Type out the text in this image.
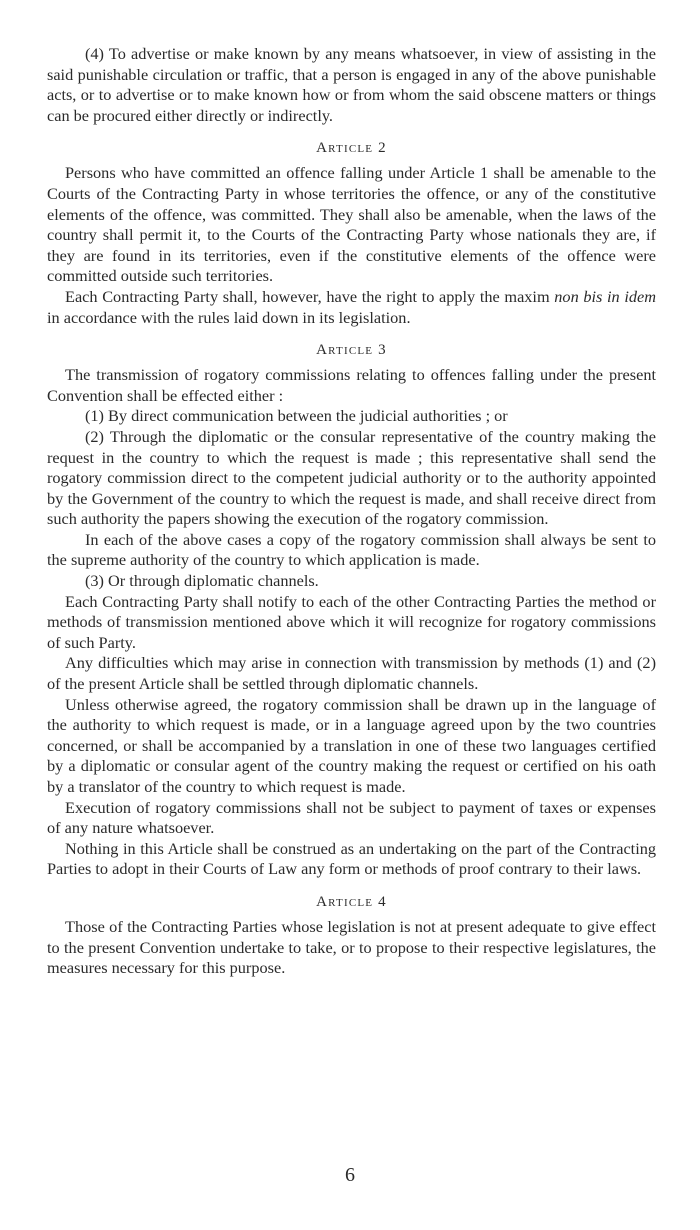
(4) To advertise or make known by any means whatsoever, in view of assisting in the said punishable circulation or traffic, that a person is engaged in any of the above punishable acts, or to advertise or to make known how or from whom the said obscene matters or things can be procured either directly or indirectly.

Article 2

Persons who have committed an offence falling under Article 1 shall be amenable to the Courts of the Contracting Party in whose territories the offence, or any of the constitutive elements of the offence, was committed. They shall also be amenable, when the laws of the country shall permit it, to the Courts of the Contracting Party whose nationals they are, if they are found in its territories, even if the constitutive elements of the offence were committed outside such territories.

Each Contracting Party shall, however, have the right to apply the maxim non bis in idem in accordance with the rules laid down in its legislation.

Article 3

The transmission of rogatory commissions relating to offences falling under the present Convention shall be effected either :

(1) By direct communication between the judicial authorities ; or

(2) Through the diplomatic or the consular representative of the country making the request in the country to which the request is made ; this representative shall send the rogatory commission direct to the competent judicial authority or to the authority appointed by the Government of the country to which the request is made, and shall receive direct from such authority the papers showing the execution of the rogatory commission.

In each of the above cases a copy of the rogatory commission shall always be sent to the supreme authority of the country to which application is made.

(3) Or through diplomatic channels.

Each Contracting Party shall notify to each of the other Contracting Parties the method or methods of transmission mentioned above which it will recognize for rogatory commissions of such Party.

Any difficulties which may arise in connection with transmission by methods (1) and (2) of the present Article shall be settled through diplomatic channels.

Unless otherwise agreed, the rogatory commission shall be drawn up in the language of the authority to which request is made, or in a language agreed upon by the two countries concerned, or shall be accompanied by a translation in one of these two languages certified by a diplomatic or consular agent of the country making the request or certified on his oath by a translator of the country to which request is made.

Execution of rogatory commissions shall not be subject to payment of taxes or expenses of any nature whatsoever.

Nothing in this Article shall be construed as an undertaking on the part of the Contracting Parties to adopt in their Courts of Law any form or methods of proof contrary to their laws.

Article 4

Those of the Contracting Parties whose legislation is not at present adequate to give effect to the present Convention undertake to take, or to propose to their respective legislatures, the measures necessary for this purpose.

6
